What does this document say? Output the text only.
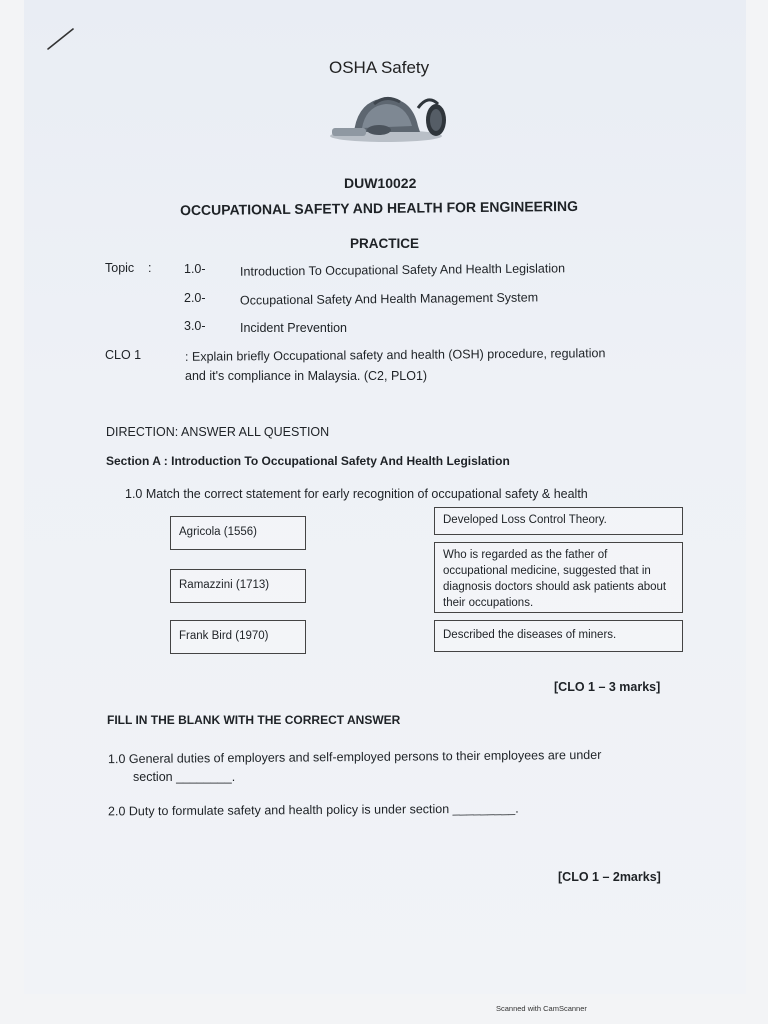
OSHA Safety
DUW10022
OCCUPATIONAL SAFETY AND HEALTH FOR ENGINEERING
PRACTICE
Topic :	1.0-	Introduction To Occupational Safety And Health Legislation
2.0-	Occupational Safety And Health Management System
3.0-	Incident Prevention
CLO 1	: Explain briefly Occupational safety and health (OSH) procedure, regulation
and it's compliance in Malaysia. (C2, PLO1)
DIRECTION: ANSWER ALL QUESTION
Section A : Introduction To Occupational Safety And Health Legislation
1.0 Match the correct statement for early recognition of occupational safety & health
Agricola (1556)
Ramazzini (1713)
Frank Bird (1970)
Developed Loss Control Theory.
Who is regarded as the father of occupational medicine, suggested that in diagnosis doctors should ask patients about their occupations.
Described the diseases of miners.
[CLO 1 – 3 marks]
FILL IN THE BLANK WITH THE CORRECT ANSWER
1.0 General duties of employers and self-employed persons to their employees are under
section ________.
2.0 Duty to formulate safety and health policy is under section _________.
[CLO 1 – 2marks]
Scanned with CamScanner
